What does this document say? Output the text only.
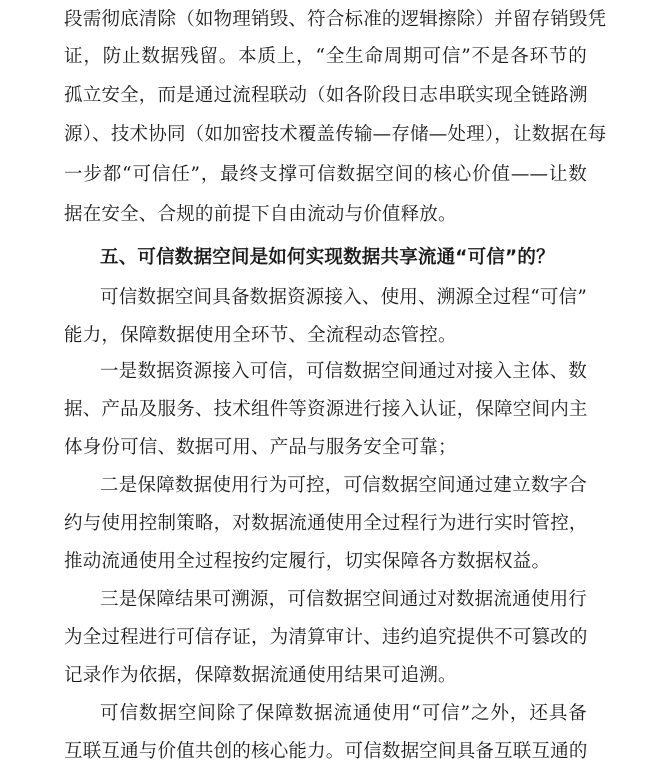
段需彻底清除（如物理销毁、符合标准的逻辑擦除）并留存销毁凭
证，防止数据残留。本质上，“全生命周期可信”不是各环节的
孤立安全，而是通过流程联动（如各阶段日志串联实现全链路溯
源）、技术协同（如加密技术覆盖传输—存储—处理），让数据在每
一步都“可信任”，最终支撑可信数据空间的核心价值——让数
据在安全、合规的前提下自由流动与价值释放。
五、可信数据空间是如何实现数据共享流通“可信”的？
可信数据空间具备数据资源接入、使用、溯源全过程“可信”
能力，保障数据使用全环节、全流程动态管控。
一是数据资源接入可信，可信数据空间通过对接入主体、数
据、产品及服务、技术组件等资源进行接入认证，保障空间内主
体身份可信、数据可用、产品与服务安全可靠；
二是保障数据使用行为可控，可信数据空间通过建立数字合
约与使用控制策略，对数据流通使用全过程行为进行实时管控，
推动流通使用全过程按约定履行，切实保障各方数据权益。
三是保障结果可溯源，可信数据空间通过对数据流通使用行
为全过程进行可信存证，为清算审计、违约追究提供不可篡改的
记录作为依据，保障数据流通使用结果可追溯。
可信数据空间除了保障数据流通使用“可信”之外，还具备
互联互通与价值共创的核心能力。可信数据空间具备互联互通的
